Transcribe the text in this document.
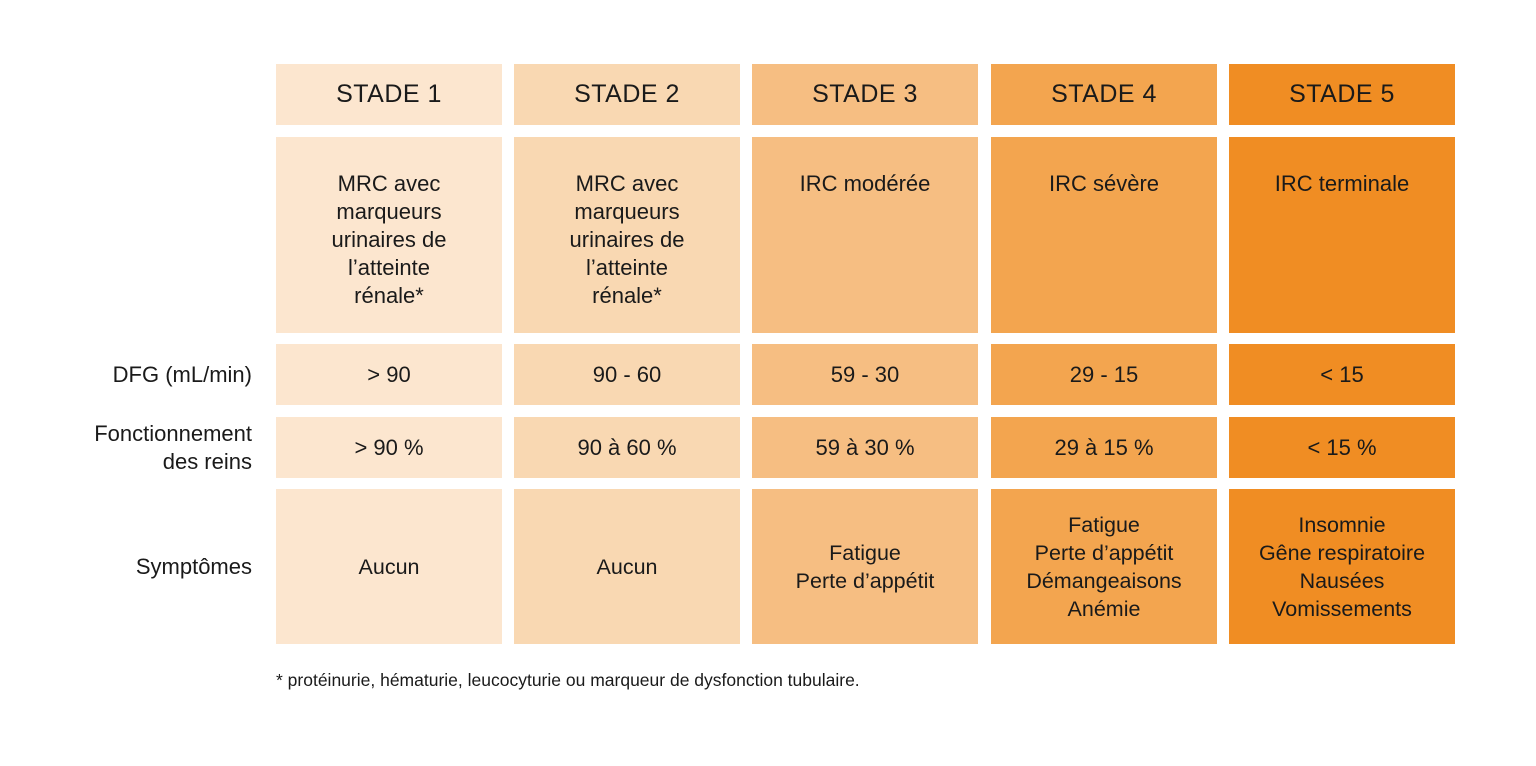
STADE 1
MRC avec
marqueurs
urinaires de
l’atteinte
rénale*
> 90
> 90 %
Aucun
STADE 2
MRC avec
marqueurs
urinaires de
l’atteinte
rénale*
90 - 60
90 à 60 %
Aucun
STADE 3
IRC modérée
59 - 30
59 à 30 %
Fatigue
Perte d’appétit
STADE 4
IRC sévère
29 - 15
29 à 15 %
Fatigue
Perte d’appétit
Démangeaisons
Anémie
STADE 5
IRC terminale
< 15
< 15 %
Insomnie
Gêne respiratoire
Nausées
Vomissements
DFG (mL/min)
Fonctionnement
des reins
Symptômes
* protéinurie, hématurie, leucocyturie ou marqueur de dysfonction tubulaire.
